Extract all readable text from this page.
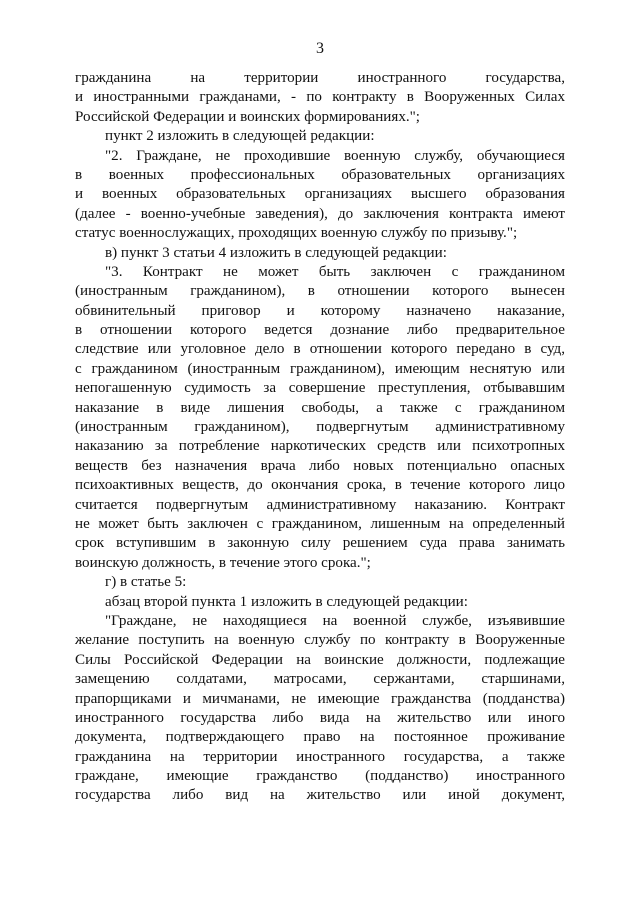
3
гражданина на территории иностранного государства,
и иностранными гражданами, - по контракту в Вооруженных Силах
Российской Федерации и воинских формированиях.";
пункт 2 изложить в следующей редакции:
"2. Граждане, не проходившие военную службу, обучающиеся
в военных профессиональных образовательных организациях
и военных образовательных организациях высшего образования
(далее - военно-учебные заведения), до заключения контракта имеют
статус военнослужащих, проходящих военную службу по призыву.";
в) пункт 3 статьи 4 изложить в следующей редакции:
"3. Контракт не может быть заключен с гражданином
(иностранным гражданином), в отношении которого вынесен
обвинительный приговор и которому назначено наказание,
в отношении которого ведется дознание либо предварительное
следствие или уголовное дело в отношении которого передано в суд,
с гражданином (иностранным гражданином), имеющим неснятую или
непогашенную судимость за совершение преступления, отбывавшим
наказание в виде лишения свободы, а также с гражданином
(иностранным гражданином), подвергнутым административному
наказанию за потребление наркотических средств или психотропных
веществ без назначения врача либо новых потенциально опасных
психоактивных веществ, до окончания срока, в течение которого лицо
считается подвергнутым административному наказанию. Контракт
не может быть заключен с гражданином, лишенным на определенный
срок вступившим в законную силу решением суда права занимать
воинскую должность, в течение этого срока.";
г) в статье 5:
абзац второй пункта 1 изложить в следующей редакции:
"Граждане, не находящиеся на военной службе, изъявившие
желание поступить на военную службу по контракту в Вооруженные
Силы Российской Федерации на воинские должности, подлежащие
замещению солдатами, матросами, сержантами, старшинами,
прапорщиками и мичманами, не имеющие гражданства (подданства)
иностранного государства либо вида на жительство или иного
документа, подтверждающего право на постоянное проживание
гражданина на территории иностранного государства, а также
граждане, имеющие гражданство (подданство) иностранного
государства либо вид на жительство или иной документ,
